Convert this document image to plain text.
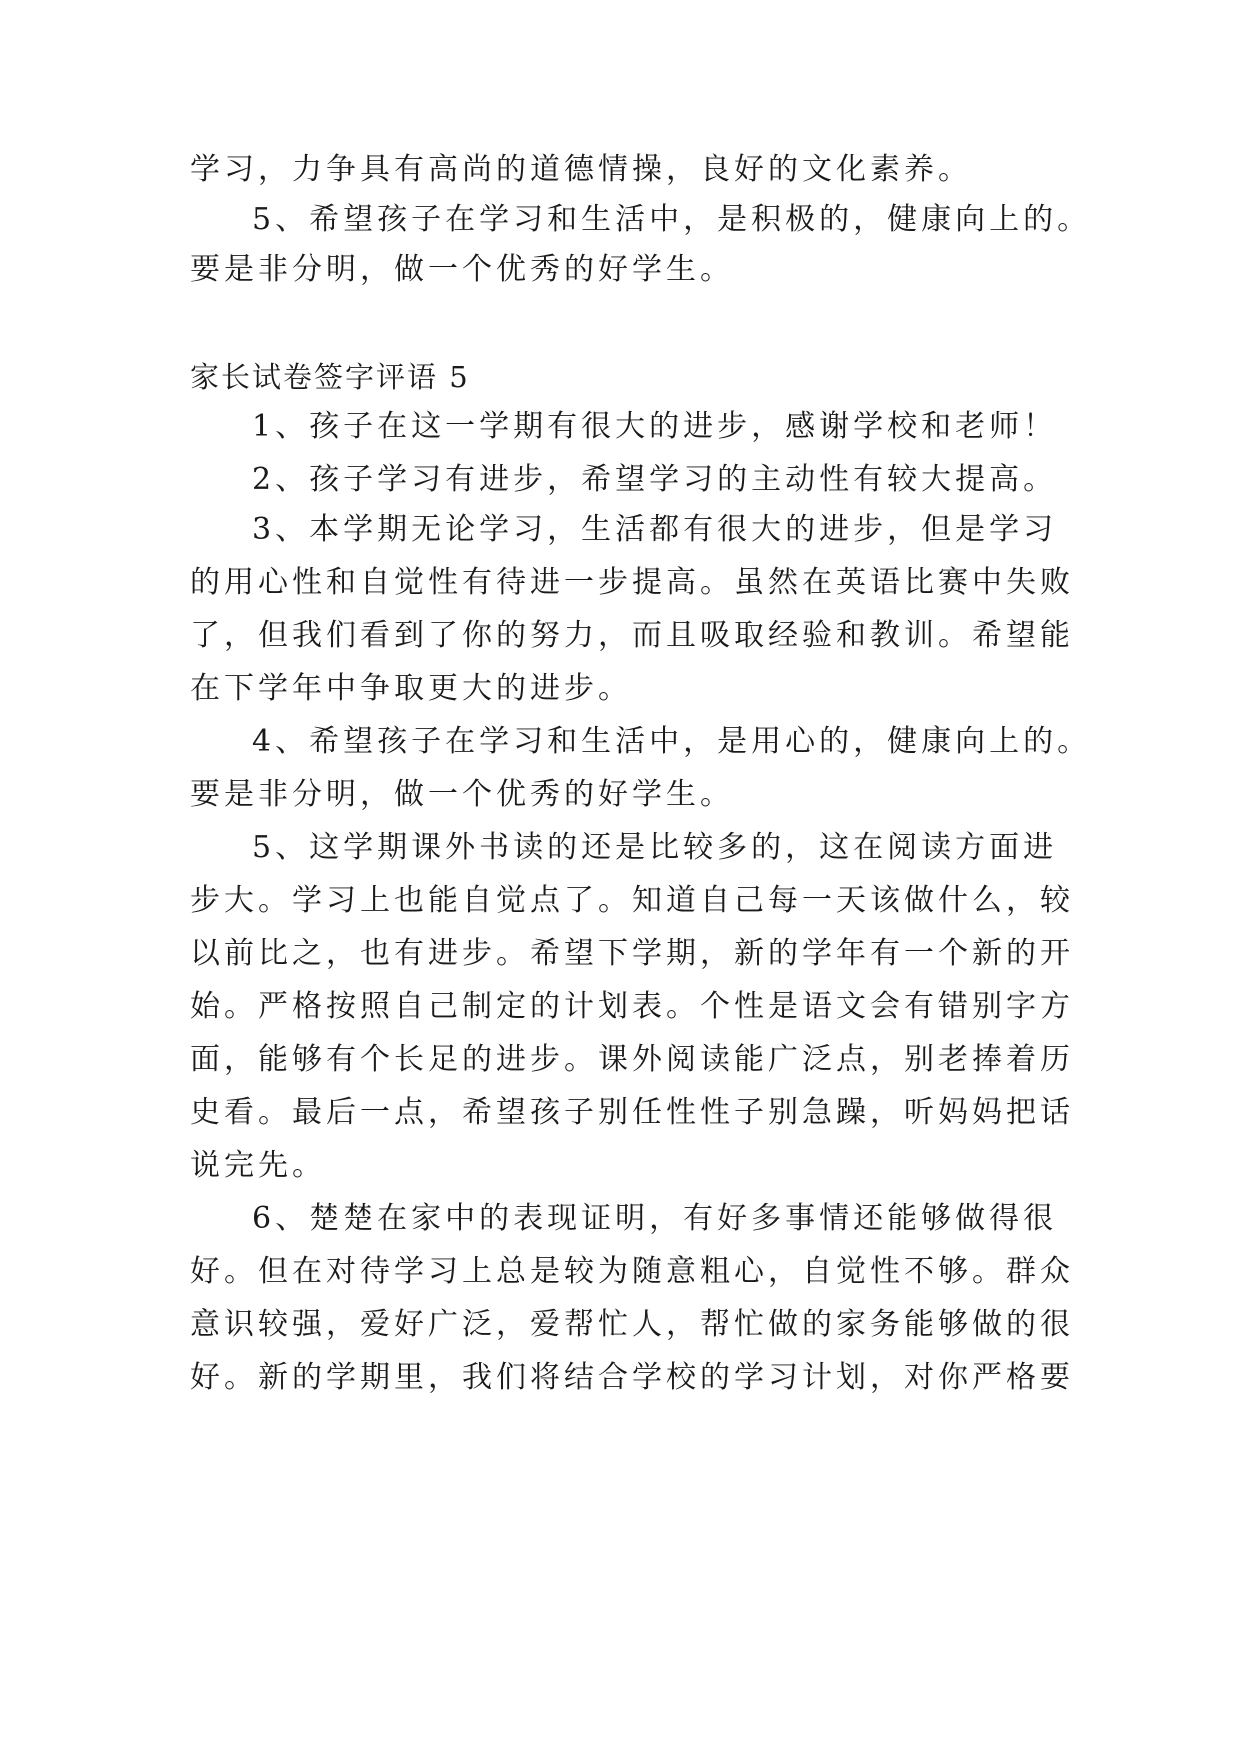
学习，力争具有高尚的道德情操，良好的文化素养。
5、希望孩子在学习和生活中，是积极的，健康向上的。
要是非分明，做一个优秀的好学生。
家长试卷签字评语 5
1、孩子在这一学期有很大的进步，感谢学校和老师！
2、孩子学习有进步，希望学习的主动性有较大提高。
3、本学期无论学习，生活都有很大的进步，但是学习
的用心性和自觉性有待进一步提高。虽然在英语比赛中失败
了，但我们看到了你的努力，而且吸取经验和教训。希望能
在下学年中争取更大的进步。
4、希望孩子在学习和生活中，是用心的，健康向上的。
要是非分明，做一个优秀的好学生。
5、这学期课外书读的还是比较多的，这在阅读方面进
步大。学习上也能自觉点了。知道自己每一天该做什么，较
以前比之，也有进步。希望下学期，新的学年有一个新的开
始。严格按照自己制定的计划表。个性是语文会有错别字方
面，能够有个长足的进步。课外阅读能广泛点，别老捧着历
史看。最后一点，希望孩子别任性性子别急躁，听妈妈把话
说完先。
6、楚楚在家中的表现证明，有好多事情还能够做得很
好。但在对待学习上总是较为随意粗心，自觉性不够。群众
意识较强，爱好广泛，爱帮忙人，帮忙做的家务能够做的很
好。新的学期里，我们将结合学校的学习计划，对你严格要
